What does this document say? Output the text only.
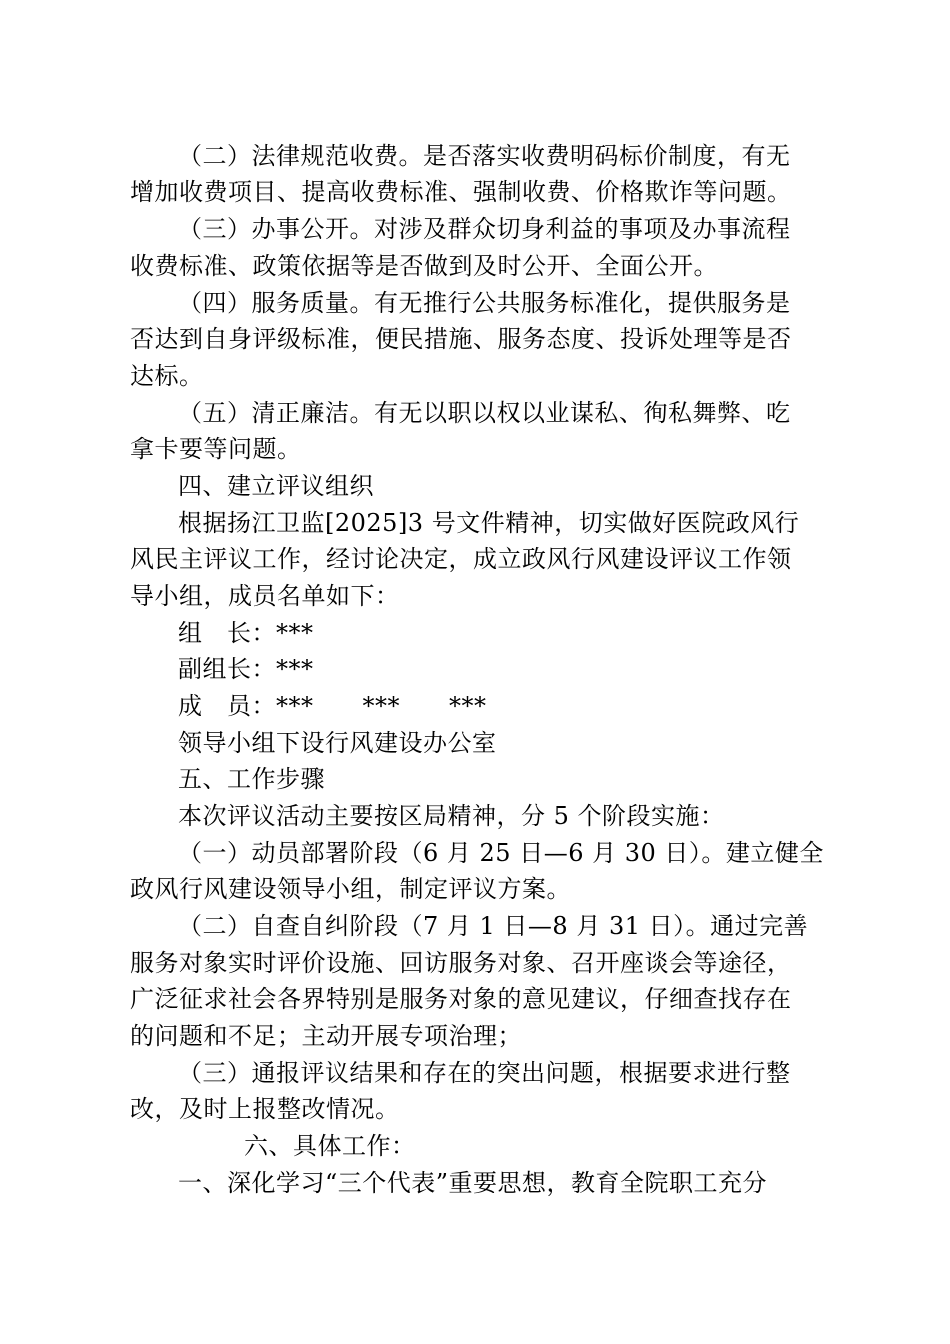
（二）法律规范收费。是否落实收费明码标价制度，有无
增加收费项目、提高收费标准、强制收费、价格欺诈等问题。
（三）办事公开。对涉及群众切身利益的事项及办事流程
收费标准、政策依据等是否做到及时公开、全面公开。
（四）服务质量。有无推行公共服务标准化，提供服务是
否达到自身评级标准，便民措施、服务态度、投诉处理等是否
达标。
（五）清正廉洁。有无以职以权以业谋私、徇私舞弊、吃
拿卡要等问题。
四、建立评议组织
根据扬江卫监[2025]3 号文件精神，切实做好医院政风行
风民主评议工作，经讨论决定，成立政风行风建设评议工作领
导小组，成员名单如下：
组　长：***
副组长：***
成　员：***　　***　　***
领导小组下设行风建设办公室
五、工作步骤
本次评议活动主要按区局精神，分 5 个阶段实施：
（一）动员部署阶段（6 月 25 日—6 月 30 日）。建立健全
政风行风建设领导小组，制定评议方案。
（二）自查自纠阶段（7 月 1 日—8 月 31 日）。通过完善
服务对象实时评价设施、回访服务对象、召开座谈会等途径，
广泛征求社会各界特别是服务对象的意见建议，仔细查找存在
的问题和不足；主动开展专项治理；
（三）通报评议结果和存在的突出问题，根据要求进行整
改，及时上报整改情况。
六、具体工作：
一、深化学习“三个代表”重要思想，教育全院职工充分
